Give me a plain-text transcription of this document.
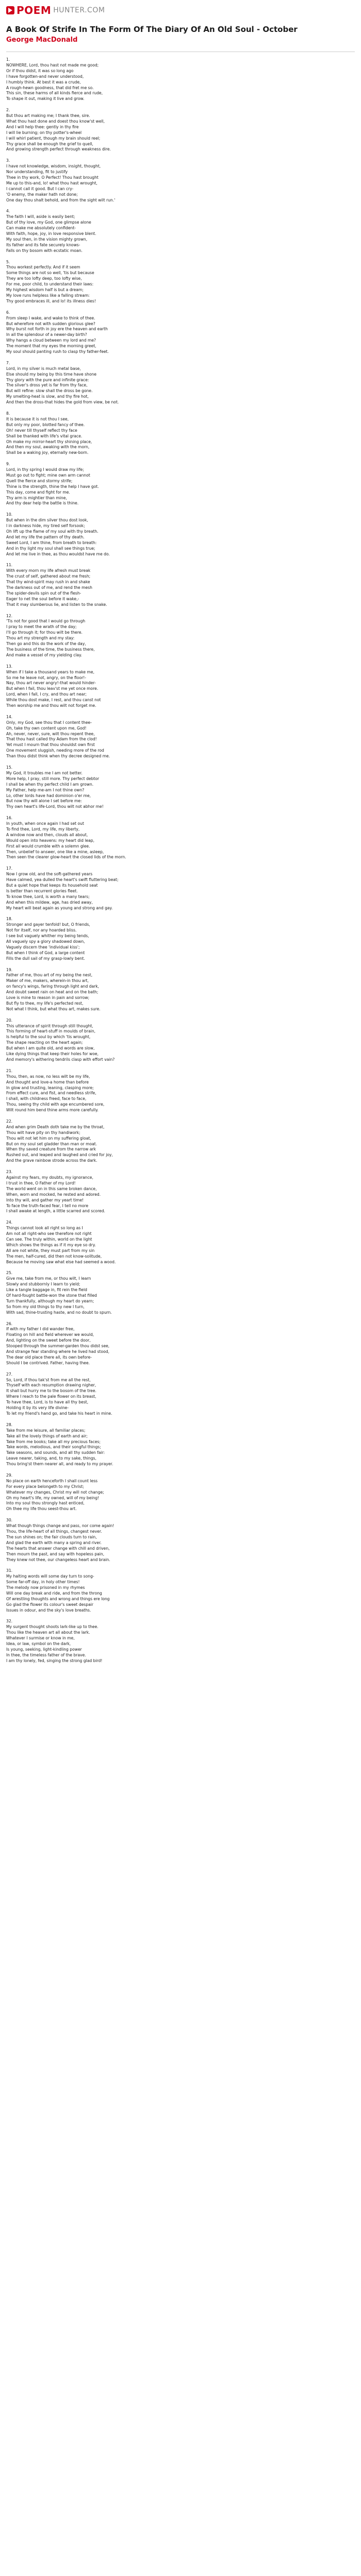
POEM HUNTER.COM
A Book Of Strife In The Form Of The Diary Of An Old Soul - October
George MacDonald
1.
NOWHERE, Lord, thou hast not made me good;
Or if thou didst, it was so long ago
I have forgotten-and never understood,
I humbly think. At best it was a crude,
A rough-hewn goodness, that did fret me so.
This sin, these harms of all kinds fierce and rude,
To shape it out, making it live and grow.
2.
But thou art making me; I thank thee, sire.
What thou hast done and doest thou know'st well,
And I will help thee: gently in thy fire
I will lie burning; on thy potter's-wheel
I will whirl patient, though my brain should reel;
Thy grace shall be enough the grief to quell,
And growing strength perfect through weakness dire.
3.
I have not knowledge, wisdom, insight, thought,
Nor understanding, fit to justify
Thee in thy work, O Perfect! Thou hast brought
Me up to this-and, lo! what thou hast wrought,
I cannot call it good. But I can cry-
'O enemy, the maker hath not done;
One day thou shalt behold, and from the sight wilt run.'
4.
The faith I will, aside is easily bent;
But of thy love, my God, one glimpse alone
Can make me absolutely confident-
With faith, hope, joy, in love responsive blent.
My soul then, in the vision mighty grown,
Its father and its fate securely knows-
Falls on thy bosom with ecstatic moan.
5.
Thou workest perfectly. And if it seem
Some things are not so well, 'tis but because
They are too lofty deep, too lofty wise,
For me, poor child, to understand their laws:
My highest wisdom half is but a dream;
My love runs helpless like a falling stream:
Thy good embraces ill, and lo! its illness dies!
6.
From sleep I wake, and wake to think of thee.
But wherefore not with sudden glorious glee?
Why burst not forth in joy ere the heaven and earth
In all the splendour of a newer-day birth?
Why hangs a cloud between my lord and me?
The moment that my eyes the morning greet,
My soul should panting rush to clasp thy father-feet.
7.
Lord, in my silver is much metal base,
Else should my being by this time have shone
Thy glory with the pure and infinite grace:
The silver's dross yet is far from thy face,
But will refine: slow shall the dross be gone.
My smelting-heat is slow, and thy fire hot,
And then the dross-that hides the gold from view, be not.
8.
It is because it is not thou I see,
But only my poor, blotted fancy of thee.
Oh! never till thyself reflect thy face
Shall be thanked with life's vital grace.
Oh make my mirror-heart thy shining place,
And then my soul, awaking with the morn,
Shall be a waking joy, eternally new-born.
9.
Lord, in thy spring I would draw my life;
Must go out to fight; mine own arm cannot
Quell the fierce and stormy strife;
Thine is the strength, thine the help I have got.
This day, come and fight for me.
Thy arm is mightier than mine,
And thy dear help the battle is thine.
10.
But when in the dim silver thou dost look,
I in darkness hide, my tired self forsook;
Oh lift up the flame of my soul with thy breath.
And let my life the pattern of thy death.
Sweet Lord, I am thine, from breath to breath:
And in thy light my soul shall see things true;
And let me live in thee, as thou wouldst have me do.
11.
With every morn my life afresh must break
The crust of self, gathered about me fresh;
That thy wind-spirit may rush in and shake
The darkness out of me, and rend the mesh
The spider-devils spin out of the flesh-
Eager to net the soul before it wake,-
That it may slumberous lie, and listen to the snake.
12.
'Tis not for good that I would go through
I pray to meet the wrath of the day;
I'll go through it; for thou wilt be there.
Thou art my strength and my stay:
Then go and this do the work of the day,
The business of the time, the business there,
And make a vessel of my yielding clay.
13.
When if I take a thousand years to make me,
So me he leave not, angry, on the floor!-
Nay, thou art never angry!-that would hinder-
But when I fail, thou leav'st me yet once more.
Lord, when I fall, I cry, and thou art near;
While thou dost make, I rest, and thou canst not
Then worship me and thou wilt not forget me.
14.
Only, my God, see thou that I content thee-
Oh, take thy own content upon me, God!
Ah, never, never, sure, wilt thou repent thee,
That thou hast called thy Adam from the clod!
Yet must I mourn that thou shouldst own first
One movement sluggish, needing more of the rod
Than thou didst think when thy decree designed me.
15.
My God, it troubles me I am not better.
More help, I pray, still more. Thy perfect debtor
I shall be when thy perfect child I am grown.
My Father, help me-am I not thine own?
Lo, other lords have had dominion o'er me,
But now thy will alone I set before me:
Thy own heart's life-Lord, thou wilt not abhor me!
16.
In youth, when once again I had set out
To find thee, Lord, my life, my liberty,
A window now and then, clouds all about,
Would open into heavens: my heart did leap,
First all would crumble with a solemn glee.
Then, unbelief to answer, one like a mine, asleep,
Then seen the clearer glow-heart the closed lids of the morn.
17.
Now I grow old, and the soft-gathered years
Have calmed, yea dulled the heart's swift fluttering beat;
But a quiet hope that keeps its household seat
Is better than recurrent glories fleet.
To know thee, Lord, is worth a many tears;
And when this mildew, age, has dried away,
My heart will beat again as young and strong and gay.
18.
Stronger and gayer tenfold! but, O friends,
Not for itself, nor any hoarded bliss.
I see but vaguely whither my being tends,
All vaguely spy a glory shadowed down,
Vaguely discern thee 'individual kiss';
But when I think of God, a large content
Fills the dull sail of my grasp-lowly bent.
19.
Father of me, thou art of my being the nest,
Maker of me, makers, wherein-in thou art,
on fancy's wings, faring through light and dark,
And doubt sweet rain on heat and on the bath;
Love is mine to reason in pain and sorrow;
But fly to thee, my life's perfected rest,
Not what I think, but what thou art, makes sure.
20.
This utterance of spirit through still thought,
This forming of heart-stuff in moulds of brain,
Is helpful to the soul by which 'tis wrought,
The shape reacting on the heart again;
But when I am quite old, and words are slow,
Like dying things that keep their holes for woe,
And memory's withering tendrils clasp with effort vain?
21.
Thou, then, as now, no less wilt be my life,
And thought and love-a home than before
In glow and trusting, leaning, clasping more;
From effect cure, and fist, and needless strife,
I shall, with childness freed, face to face,
Thou, seeing thy child with age encumbered sore,
Wilt round him bend thine arms more carefully.
22.
And when grim Death doth take me by the throat,
Thou wilt have pity on thy handiwork;
Thou wilt not let him on my suffering gloat,
But on my soul set gladder than man or moat.
When thy saved creature from the narrow ark
Rushed out, and leaped and laughed and cried for joy,
And the grave rainbow strode across the dark.
23.
Against my fears, my doubts, my ignorance,
I trust in thee, O Father of my Lord!
The world went on in this same broken dance,
When, worn and mocked, he rested and adored.
Into thy will, and gather my yeart time!
To face the truth-faced fear, I tell no more
I shall awake at length, a little scarred and scored.
24.
Things cannot look all right so long as I
Am not all right-who see therefore not right
Can see. The truly within, world on the light
Which shows the things as if it my eye so dry.
All are not white, they must part from my sin
The men, half-cured, did then not know-solitude,
Because he moving saw what else had seemed a wood.
25.
Give me, take from me, or thou wilt, I learn
Slowly and stubbornly I learn to yield;
Like a tangle baggage in, fit rein the field
Of hard-fought battle-won the stone that filled
Turn thankfully, although my heart do yearn;
So from my old things to thy new I turn,
With sad, thine-trusting haste, and no doubt to spurn.
26.
If with my father I did wander free,
Floating on hill and field wherever we would,
And, lighting on the sweet before the door,
Stooped through the summer-garden thou didst see,
And strange fear standing where he lived had stood,
The dear old place there all, its own before-
Should I be contrived. Father, having thee.
27.
So, Lord, if thou tak'st from me all the rest,
Thyself with each resumption drawing nigher,
It shall but hurry me to the bosom of the tree.
Where I reach to the pale flower on its breast,
To have thee, Lord, is to have all thy best,
Holding it by its very life divine-
To let my friend's hand go, and take his heart in mine.
28.
Take from me leisure, all familiar places;
Take all the lovely things of earth and air;
Take from me books; take all my precious faces;
Take words, melodious, and their songful things;
Take seasons, and sounds, and all thy sudden fair:
Leave nearer, taking, and, to my sake, things,
Thou bring'st them nearer all, and ready to my prayer.
29.
No place on earth henceforth I shall count less
For every place belongeth to my Christ;
Whatever my changes, Christ my will not change;
Oh my heart's life, my owned, will of my being!
Into my soul thou strongly hast enticed,
Oh thee my life thou seest-thou art.
30.
What though things change and pass, nor come again!
Thou, the life-heart of all things, changest never.
The sun shines on; the fair clouds turn to rain,
And glad the earth with many a spring and river.
The hearts that answer change with chill and driven,
Then mourn the past, and say with hopeless pain,
They knew not thee, our changeless heart and brain.
31.
My halting words will some day turn to song-
Some far-off day, in holy other times!
The melody now prisoned in my rhymes
Will one day break and ride, and from the throng
Of wrestling thoughts and wrong and things ere long
Go glad the flower its colour's sweet despair
Issues in odour, and the sky's love breaths.
32.
My surgent thought shoots lark-like up to thee.
Thou like the heaven art all about the lark.
Whatever I surmise or know in me,
Idea, or law, symbol on the dark,
Is young, seeking, light-kindling power
In thee, the timeless father of the brave.
I am thy lonely, fed, singing the strong glad bird!
